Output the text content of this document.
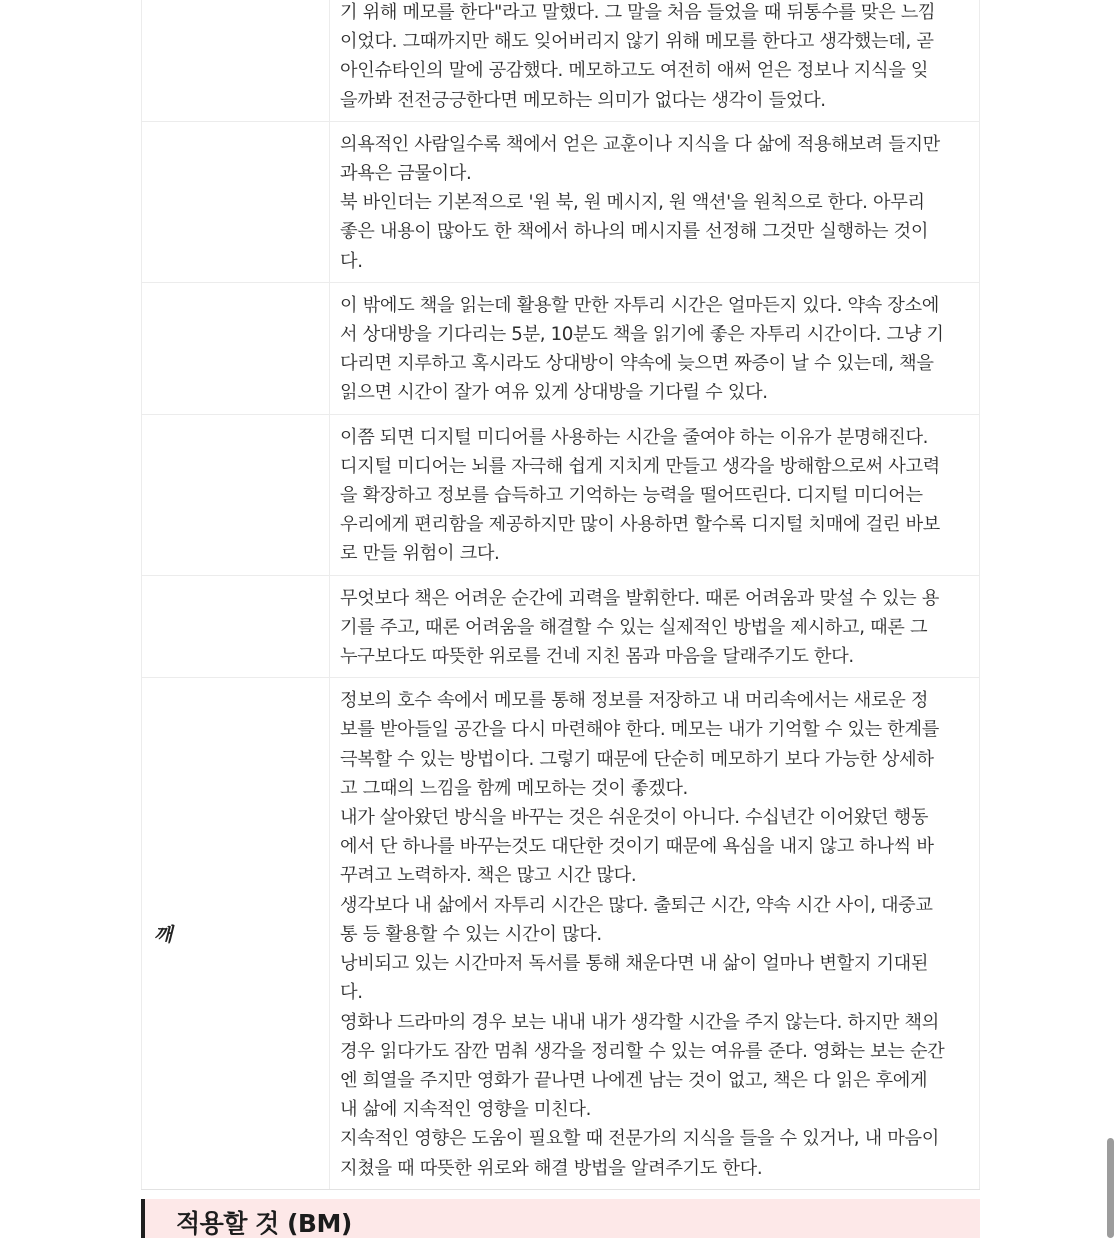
기 위해 메모를 한다"라고 말했다. 그 말을 처음 들었을 때 뒤통수를 맞은 느낌
이었다. 그때까지만 해도 잊어버리지 않기 위해 메모를 한다고 생각했는데, 곧
아인슈타인의 말에 공감했다. 메모하고도 여전히 애써 얻은 정보나 지식을 잊
을까봐 전전긍긍한다면 메모하는 의미가 없다는 생각이 들었다.
의욕적인 사람일수록 책에서 얻은 교훈이나 지식을 다 삶에 적용해보려 들지만
과욕은 금물이다.
북 바인더는 기본적으로 '원 북, 원 메시지, 원 액션'을 원칙으로 한다. 아무리
좋은 내용이 많아도 한 책에서 하나의 메시지를 선정해 그것만 실행하는 것이
다.
이 밖에도 책을 읽는데 활용할 만한 자투리 시간은 얼마든지 있다. 약속 장소에
서 상대방을 기다리는 5분, 10분도 책을 읽기에 좋은 자투리 시간이다. 그냥 기
다리면 지루하고 혹시라도 상대방이 약속에 늦으면 짜증이 날 수 있는데, 책을
읽으면 시간이 잘가 여유 있게 상대방을 기다릴 수 있다.
이쯤 되면 디지털 미디어를 사용하는 시간을 줄여야 하는 이유가 분명해진다.
디지털 미디어는 뇌를 자극해 쉽게 지치게 만들고 생각을 방해함으로써 사고력
을 확장하고 정보를 습득하고 기억하는 능력을 떨어뜨린다. 디지털 미디어는
우리에게 편리함을 제공하지만 많이 사용하면 할수록 디지털 치매에 걸린 바보
로 만들 위험이 크다.
무엇보다 책은 어려운 순간에 괴력을 발휘한다. 때론 어려움과 맞설 수 있는 용
기를 주고, 때론 어려움을 해결할 수 있는 실제적인 방법을 제시하고, 때론 그
누구보다도 따뜻한 위로를 건네 지친 몸과 마음을 달래주기도 한다.
깨
정보의 호수 속에서 메모를 통해 정보를 저장하고 내 머리속에서는 새로운 정
보를 받아들일 공간을 다시 마련해야 한다. 메모는 내가 기억할 수 있는 한계를
극복할 수 있는 방법이다. 그렇기 때문에 단순히 메모하기 보다 가능한 상세하
고 그때의 느낌을 함께 메모하는 것이 좋겠다.
내가 살아왔던 방식을 바꾸는 것은 쉬운것이 아니다. 수십년간 이어왔던 행동
에서 단 하나를 바꾸는것도 대단한 것이기 때문에 욕심을 내지 않고 하나씩 바
꾸려고 노력하자. 책은 많고 시간 많다.
생각보다 내 삶에서 자투리 시간은 많다. 출퇴근 시간, 약속 시간 사이, 대중교
통 등 활용할 수 있는 시간이 많다.
낭비되고 있는 시간마저 독서를 통해 채운다면 내 삶이 얼마나 변할지 기대된
다.
영화나 드라마의 경우 보는 내내 내가 생각할 시간을 주지 않는다. 하지만 책의
경우 읽다가도 잠깐 멈춰 생각을 정리할 수 있는 여유를 준다. 영화는 보는 순간
엔 희열을 주지만 영화가 끝나면 나에겐 남는 것이 없고, 책은 다 읽은 후에게
내 삶에 지속적인 영향을 미친다.
지속적인 영향은 도움이 필요할 때 전문가의 지식을 들을 수 있거나, 내 마음이
지쳤을 때 따뜻한 위로와 해결 방법을 알려주기도 한다.
적용할 것 (BM)
